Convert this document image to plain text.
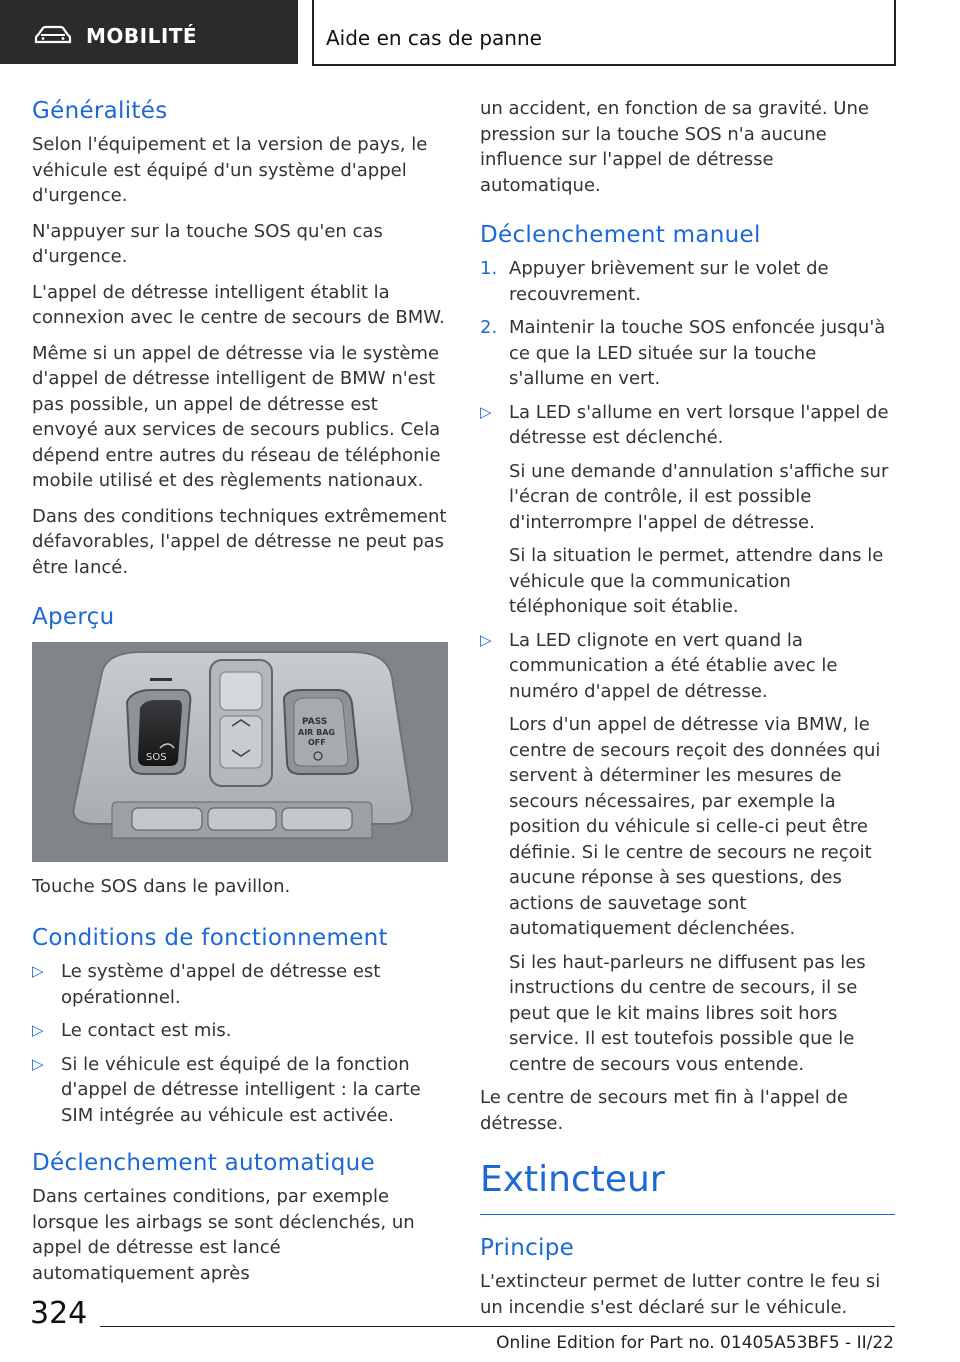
MOBILITÉ	Aide en cas de panne
Généralités

Selon l'équipement et la version de pays, le véhicule est équipé d'un système d'appel d'urgence.

N'appuyer sur la touche SOS qu'en cas d'urgence.

L'appel de détresse intelligent établit la connexion avec le centre de secours de BMW.

Même si un appel de détresse via le système d'appel de détresse intelligent de BMW n'est pas possible, un appel de détresse est envoyé aux services de secours publics. Cela dépend entre autres du réseau de téléphonie mobile utilisé et des règlements nationaux.

Dans des conditions techniques extrêmement défavorables, l'appel de détresse ne peut pas être lancé.

Aperçu
SOS
PASS
AIR BAG
OFF

Touche SOS dans le pavillon.

Conditions de fonctionnement
▷ Le système d'appel de détresse est opérationnel.
▷ Le contact est mis.
▷ Si le véhicule est équipé de la fonction d'appel de détresse intelligent : la carte SIM intégrée au véhicule est activée.
Déclenchement automatique

Dans certaines conditions, par exemple lorsque les airbags se sont déclenchés, un appel de détresse est lancé automatiquement après

un accident, en fonction de sa gravité. Une pression sur la touche SOS n'a aucune influence sur l'appel de détresse automatique.

Déclenchement manuel
1. Appuyer brièvement sur le volet de recouvrement.
2. Maintenir la touche SOS enfoncée jusqu'à ce que la LED située sur la touche s'allume en vert.
▷ La LED s'allume en vert lorsque l'appel de détresse est déclenché.

Si une demande d'annulation s'affiche sur l'écran de contrôle, il est possible d'interrompre l'appel de détresse.

Si la situation le permet, attendre dans le véhicule que la communication téléphonique soit établie.

▷ La LED clignote en vert quand la communication a été établie avec le numéro d'appel de détresse.

Lors d'un appel de détresse via BMW, le centre de secours reçoit des données qui servent à déterminer les mesures de secours nécessaires, par exemple la position du véhicule si celle-ci peut être définie. Si le centre de secours ne reçoit aucune réponse à ses questions, des actions de sauvetage sont automatiquement déclenchées.

Si les haut-parleurs ne diffusent pas les instructions du centre de secours, il se peut que le kit mains libres soit hors service. Il est toutefois possible que le centre de secours vous entende.

Le centre de secours met fin à l'appel de détresse.

Extincteur
Principe

L'extincteur permet de lutter contre le feu si un incendie s'est déclaré sur le véhicule.

324
Online Edition for Part no. 01405A53BF5 - II/22
